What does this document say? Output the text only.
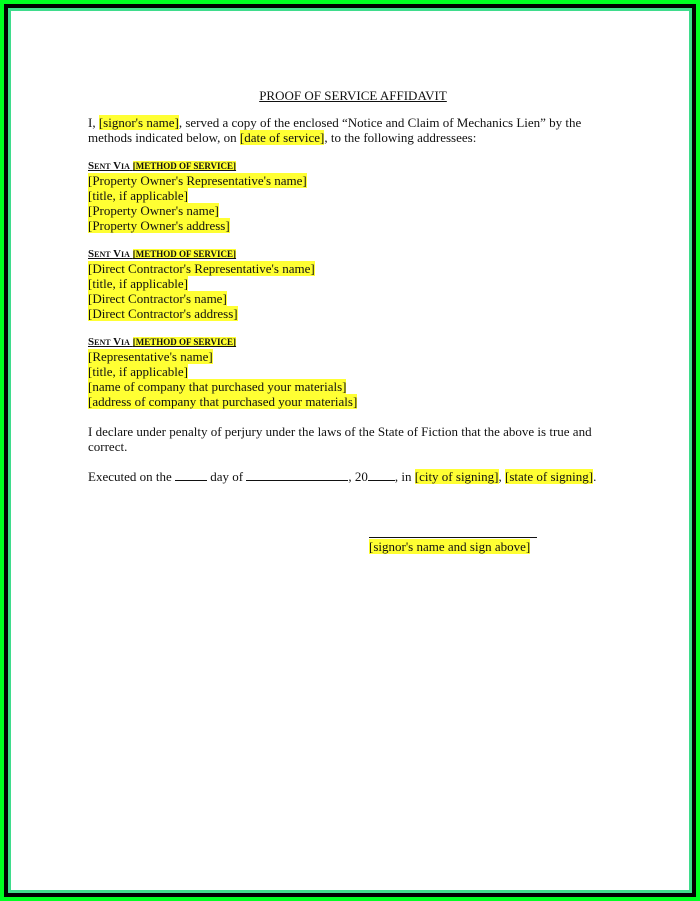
PROOF OF SERVICE AFFIDAVIT

I, [signor's name], served a copy of the enclosed “Notice and Claim of Mechanics Lien” by the methods indicated below, on [date of service], to the following addressees:

Sent Via [METHOD OF SERVICE]
[Property Owner's Representative's name]
[title, if applicable]
[Property Owner's name]
[Property Owner's address]
Sent Via [METHOD OF SERVICE]
[Direct Contractor's Representative's name]
[title, if applicable]
[Direct Contractor's name]
[Direct Contractor's address]
Sent Via [METHOD OF SERVICE]
[Representative's name]
[title, if applicable]
[name of company that purchased your materials]
[address of company that purchased your materials]

I declare under penalty of perjury under the laws of the State of Fiction that the above is true and correct.

Executed on the  day of	, 20 , in [city of signing], [state of signing].

[signor's name and sign above]
